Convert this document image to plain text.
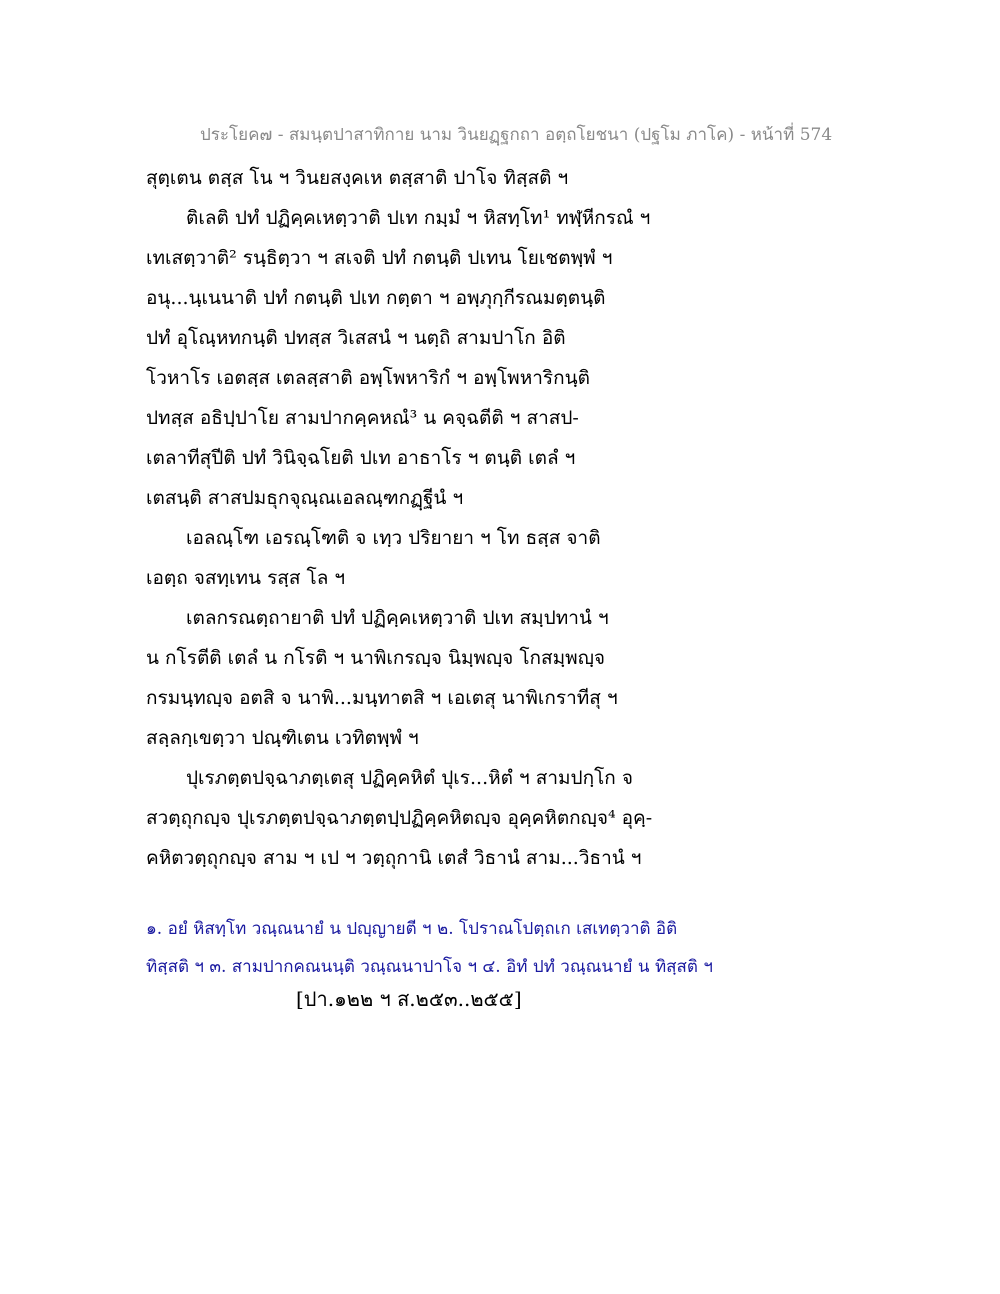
ประโยค๗ - สมนฺตปาสาทิกาย นาม วินยฏฺฐกถา อตฺถโยชนา (ปฐโม ภาโค) - หน้าที่ 574
สุตฺเตน ตสฺส โน ฯ วินยสงฺคเห ตสฺสาติ ปาโจ ทิสฺสติ ฯ
ติเลติ ปทํ ปฏิคฺคเหตฺวาติ ปเท กมฺมํ ฯ หิสทฺโท¹ ทฬฺหีกรณํ ฯ
เทเสตฺวาติ² รนฺธิตฺวา ฯ สเจติ ปทํ กตนฺติ ปเทน โยเชตพฺพํ ฯ
อนุ...นฺเนนาติ ปทํ กตนฺติ ปเท กตฺตา ฯ อพฺภุกฺกีรณมตฺตนฺติ
ปทํ อุโณฺหทกนฺติ ปทสฺส วิเสสนํ ฯ นตฺถิ สามปาโก อิติ
โวหาโร เอตสฺส เตลสฺสาติ อพฺโพหาริกํ ฯ อพฺโพหาริกนฺติ
ปทสฺส อธิปฺปาโย สามปากคฺคหณํ³ น คจฺฉตีติ ฯ สาสป-
เตลาทีสุปีติ ปทํ วินิจฺฉโยติ ปเท อาธาโร ฯ ตนฺติ เตลํ ฯ
เตสนฺติ สาสปมธุกจุณฺณเอลณฺฑกฏฺฐีนํ ฯ
เอลณฺโฑ เอรณฺโฑติ จ เทฺว ปริยายา ฯ โท ธสฺส จาติ
เอตฺถ จสทฺเทน รสฺส โล ฯ
เตลกรณตฺถายาติ ปทํ ปฏิคฺคเหตฺวาติ ปเท สมฺปทานํ ฯ
น กโรตีติ เตลํ น กโรติ ฯ นาพิเกรญฺจ นิมฺพญฺจ โกสมฺพญฺจ
กรมนฺทญฺจ อตสิ จ นาพิ...มนฺทาตสิ ฯ เอเตสุ นาพิเกราทีสุ ฯ
สลฺลกฺเขตฺวา ปณฺฑิเตน เวทิตพฺพํ ฯ
ปุเรภตฺตปจฺฉาภตฺเตสุ ปฏิคฺคหิตํ ปุเร...หิตํ ฯ สามปกฺโก จ
สวตฺถุกญฺจ ปุเรภตฺตปจฺฉาภตฺตปฺปฏิคฺคหิตญฺจ อุคฺคหิตกญฺจ⁴ อุคฺ-
คหิตวตฺถุกญฺจ สาม ฯ เป ฯ วตฺถุกานิ เตสํ วิธานํ สาม...วิธานํ ฯ
๑. อยํ หิสทฺโท วณฺณนายํ น ปญฺญายตี ฯ ๒. โปราณโปตฺถเก เสเทตฺวาติ อิติ
ทิสฺสติ ฯ ๓. สามปากคณนนฺติ วณฺณนาปาโจ ฯ ๔. อิทํ ปทํ วณฺณนายํ น ทิสฺสติ ฯ
[ปา.๑๒๒ ฯ ส.๒๕๓..๒๕๕]
